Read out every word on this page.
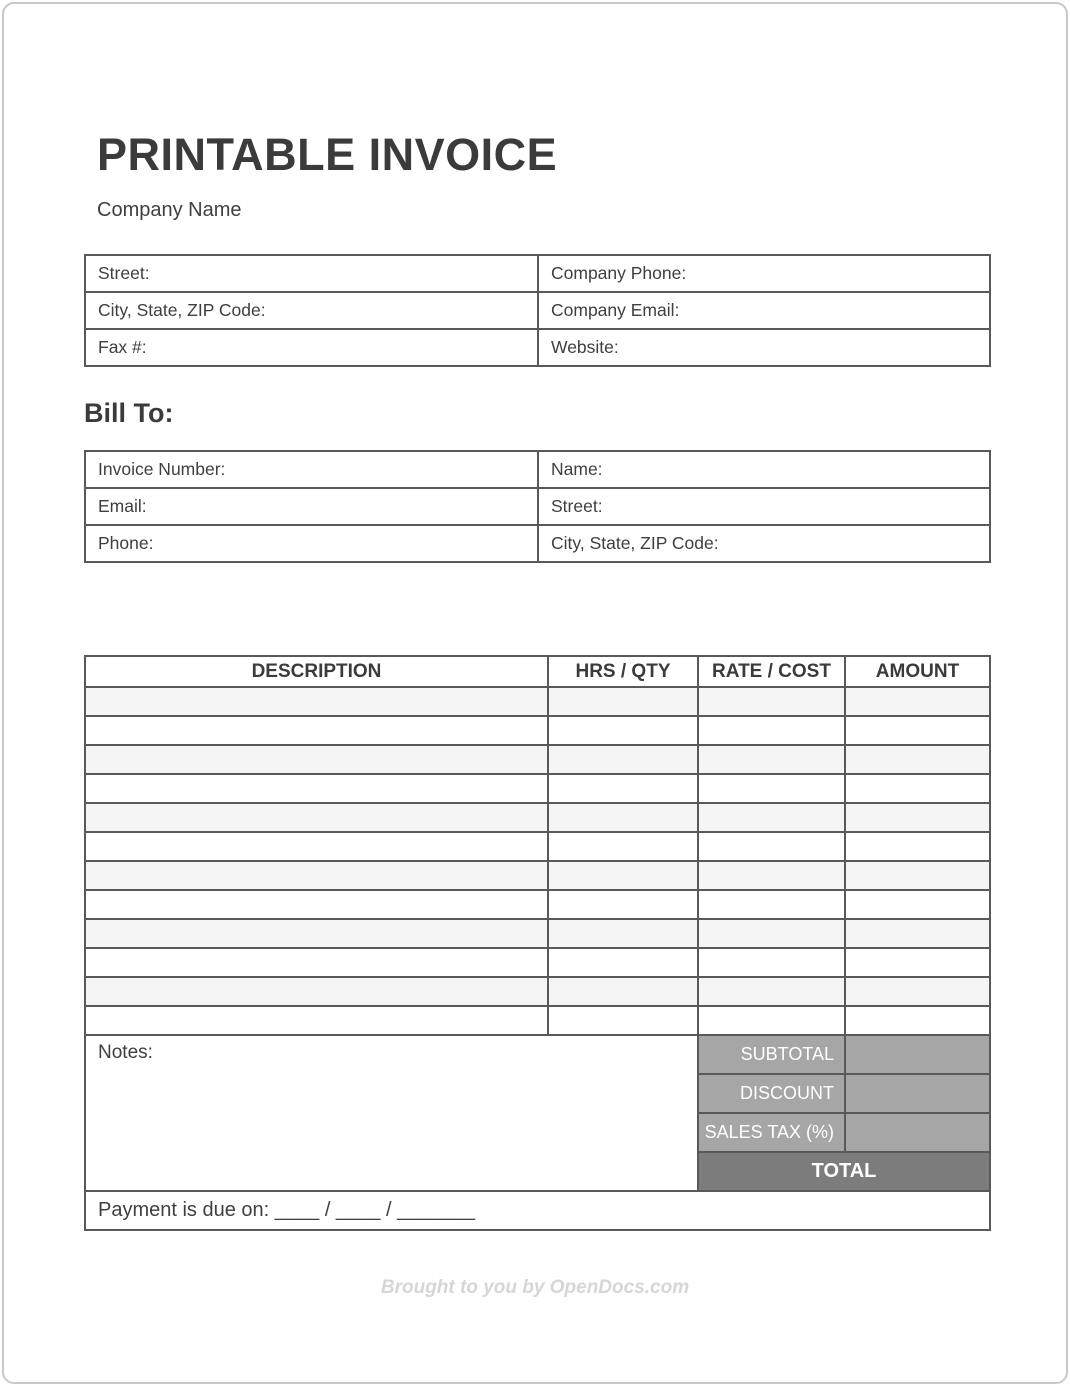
PRINTABLE INVOICE
Company Name
Street:	Company Phone:
City, State, ZIP Code:	Company Email:
Fax #:	Website:
Bill To:
Invoice Number:	Name:
Email:	Street:
Phone:	City, State, ZIP Code:
DESCRIPTION	HRS / QTY	RATE / COST	AMOUNT

Notes:		SUBTOTAL	
		DISCOUNT	
		SALES TAX (%)	
		TOTAL	
Payment is due on: ____ / ____ / _______			
Brought to you by OpenDocs.com
